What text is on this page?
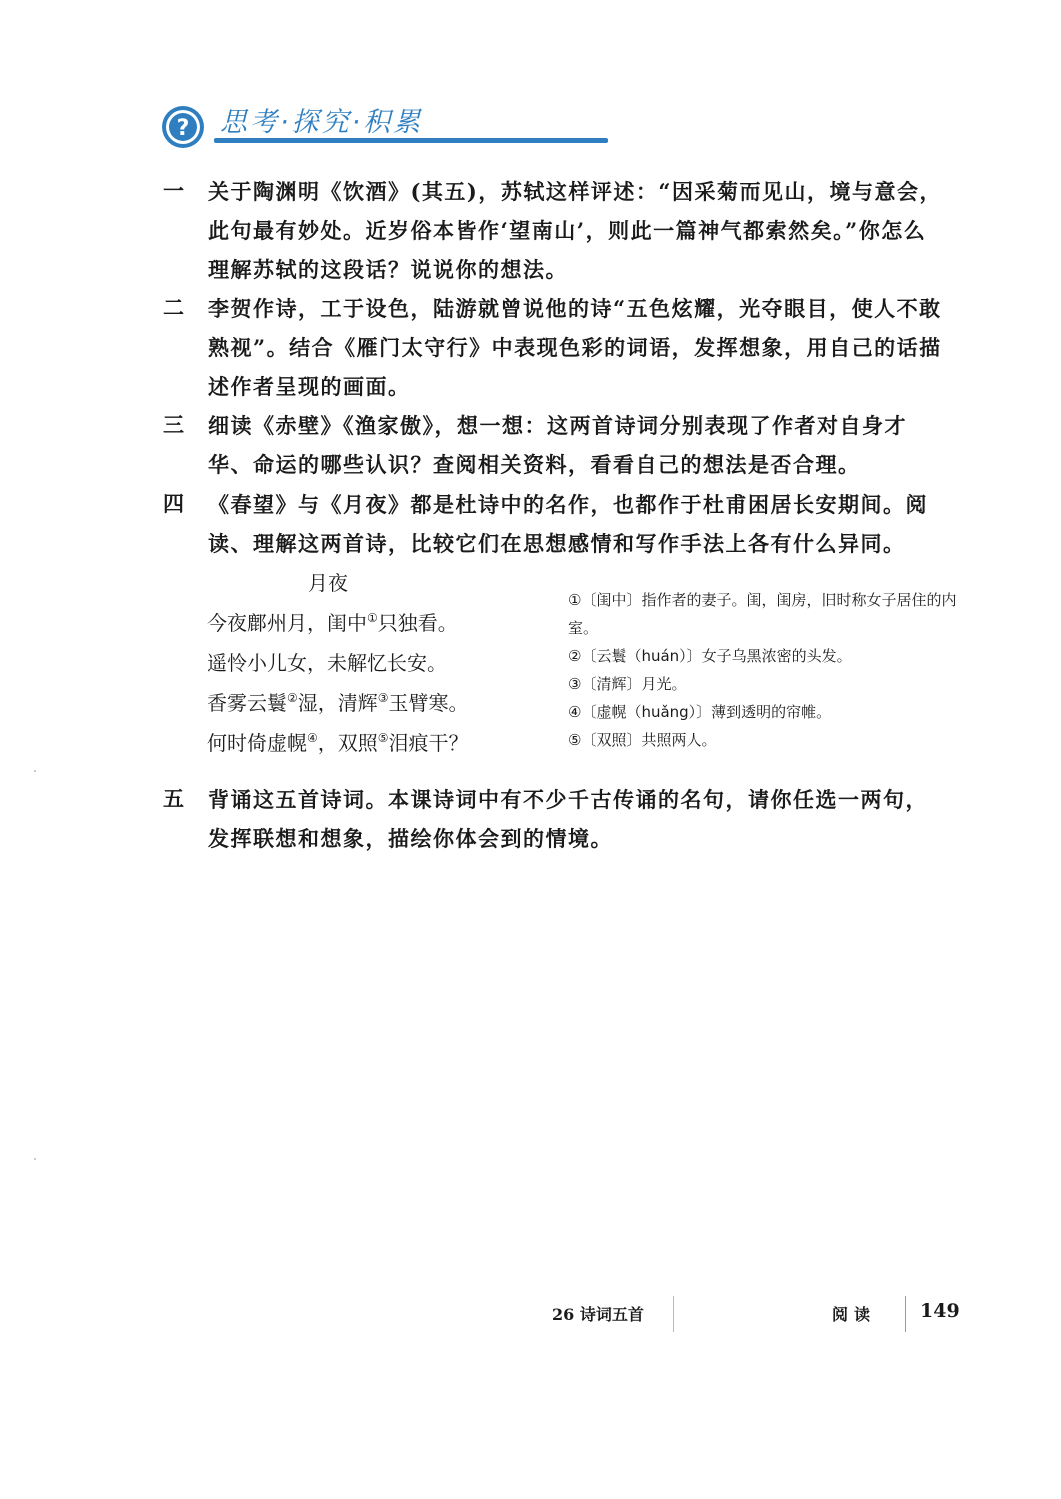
? 思考·探究·积累
一	关于陶渊明《饮酒》(其五)，苏轼这样评述：“因采菊而见山，境与意会，此句最有妙处。近岁俗本皆作‘望南山’，则此一篇神气都索然矣。”你怎么理解苏轼的这段话？说说你的想法。
二	李贺作诗，工于设色，陆游就曾说他的诗“五色炫耀，光夺眼目，使人不敢熟视”。结合《雁门太守行》中表现色彩的词语，发挥想象，用自己的话描述作者呈现的画面。
三	细读《赤壁》《渔家傲》，想一想：这两首诗词分别表现了作者对自身才华、命运的哪些认识？查阅相关资料，看看自己的想法是否合理。
四	《春望》与《月夜》都是杜诗中的名作，也都作于杜甫困居长安期间。阅读、理解这两首诗，比较它们在思想感情和写作手法上各有什么异同。
月夜
今夜鄜州月，闺中①只独看。
遥怜小儿女，未解忆长安。
香雾云鬟②湿，清辉③玉臂寒。
何时倚虚幌④，双照⑤泪痕干？
①〔闺中〕指作者的妻子。闺，闺房，旧时称女子居住的内室。
②〔云鬟（huán）〕女子乌黑浓密的头发。
③〔清辉〕月光。
④〔虚幌（huǎng）〕薄到透明的帘帷。
⑤〔双照〕共照两人。
五	背诵这五首诗词。本课诗词中有不少千古传诵的名句，请你任选一两句，发挥联想和想象，描绘你体会到的情境。
26 诗词五首	阅读 149
